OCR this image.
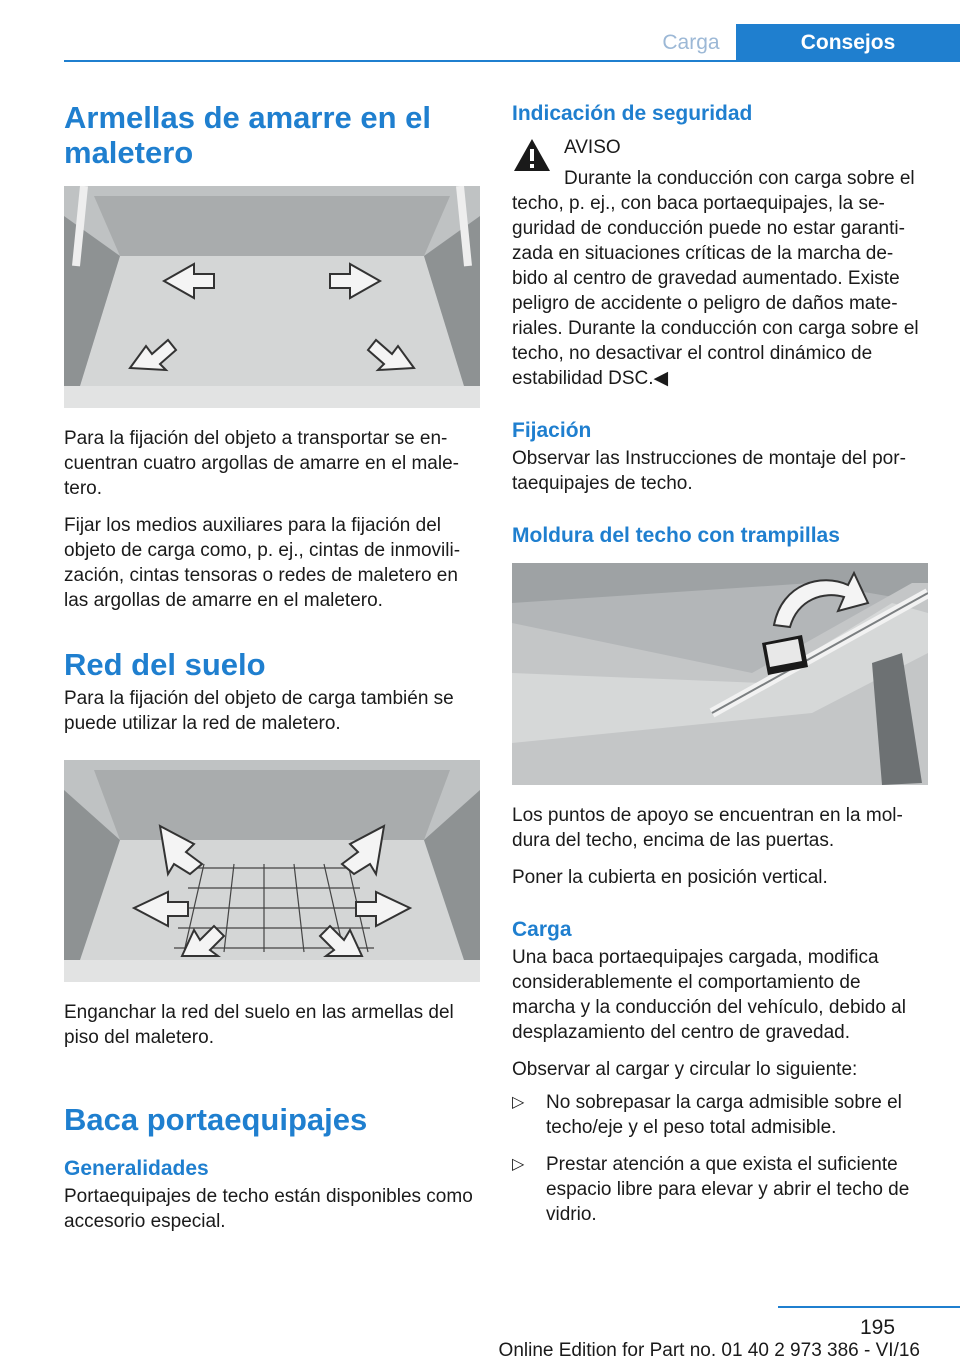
Carga	Consejos
Armellas de amarre en el maletero

Para la fijación del objeto a transportar se en‐cuentran cuatro argollas de amarre en el male‐tero.

Fijar los medios auxiliares para la fijación del objeto de carga como, p. ej., cintas de inmovili‐zación, cintas tensoras o redes de maletero en las argollas de amarre en el maletero.

Red del suelo

Para la fijación del objeto de carga también se puede utilizar la red de maletero.

Enganchar la red del suelo en las armellas del piso del maletero.

Baca portaequipajes
Generalidades

Portaequipajes de techo están disponibles como accesorio especial.

Indicación de seguridad

AVISO

Durante la conducción con carga sobre el techo, p. ej., con baca portaequipajes, la se‐guridad de conducción puede no estar garanti‐zada en situaciones críticas de la marcha de‐bido al centro de gravedad aumentado. Existe peligro de accidente o peligro de daños mate‐riales. Durante la conducción con carga sobre el techo, no desactivar el control dinámico de estabilidad DSC.◀

Fijación

Observar las Instrucciones de montaje del por‐taequipajes de techo.

Moldura del techo con trampillas

Los puntos de apoyo se encuentran en la mol‐dura del techo, encima de las puertas.

Poner la cubierta en posición vertical.

Carga

Una baca portaequipajes cargada, modifica considerablemente el comportamiento de marcha y la conducción del vehículo, debido al desplazamiento del centro de gravedad.

Observar al cargar y circular lo siguiente:

▷ No sobrepasar la carga admisible sobre el techo/eje y el peso total admisible.
▷ Prestar atención a que exista el suficiente espacio libre para elevar y abrir el techo de vidrio.
195
Online Edition for Part no. 01 40 2 973 386 - VI/16
